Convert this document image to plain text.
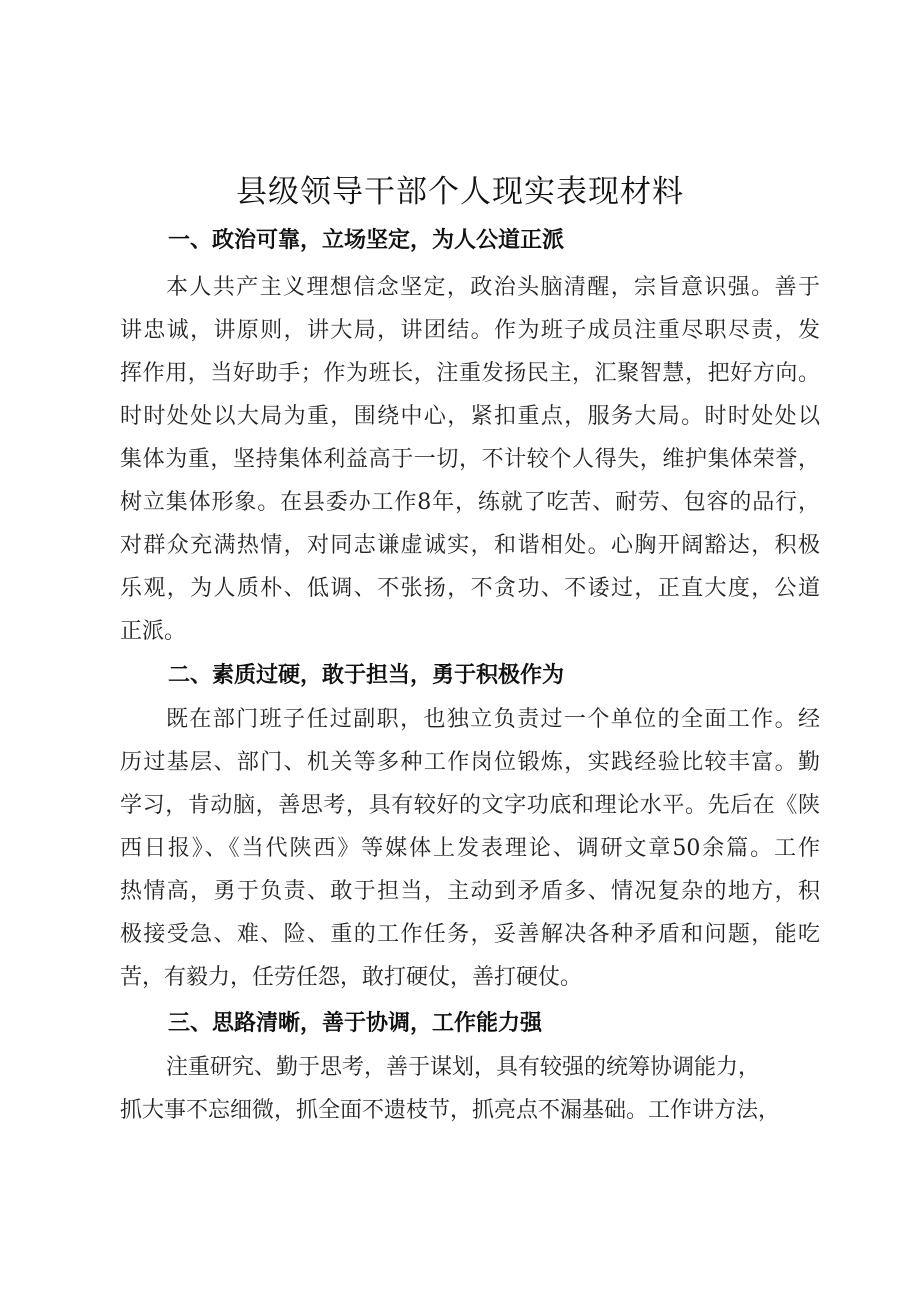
县级领导干部个人现实表现材料
一、政治可靠，立场坚定，为人公道正派
本人共产主义理想信念坚定，政治头脑清醒，宗旨意识强。善于
讲忠诚，讲原则，讲大局，讲团结。作为班子成员注重尽职尽责，发
挥作用，当好助手；作为班长，注重发扬民主，汇聚智慧，把好方向。
时时处处以大局为重，围绕中心，紧扣重点，服务大局。时时处处以
集体为重，坚持集体利益高于一切，不计较个人得失，维护集体荣誉，
树立集体形象。在县委办工作8年，练就了吃苦、耐劳、包容的品行，
对群众充满热情，对同志谦虚诚实，和谐相处。心胸开阔豁达，积极
乐观，为人质朴、低调、不张扬，不贪功、不诿过，正直大度，公道
正派。
二、素质过硬，敢于担当，勇于积极作为
既在部门班子任过副职，也独立负责过一个单位的全面工作。经
历过基层、部门、机关等多种工作岗位锻炼，实践经验比较丰富。勤
学习，肯动脑，善思考，具有较好的文字功底和理论水平。先后在《陕
西日报》、《当代陕西》等媒体上发表理论、调研文章50余篇。工作
热情高，勇于负责、敢于担当，主动到矛盾多、情况复杂的地方，积
极接受急、难、险、重的工作任务，妥善解决各种矛盾和问题，能吃
苦，有毅力，任劳任怨，敢打硬仗，善打硬仗。
三、思路清晰，善于协调，工作能力强
注重研究、勤于思考，善于谋划，具有较强的统筹协调能力，
抓大事不忘细微，抓全面不遗枝节，抓亮点不漏基础。工作讲方法，
